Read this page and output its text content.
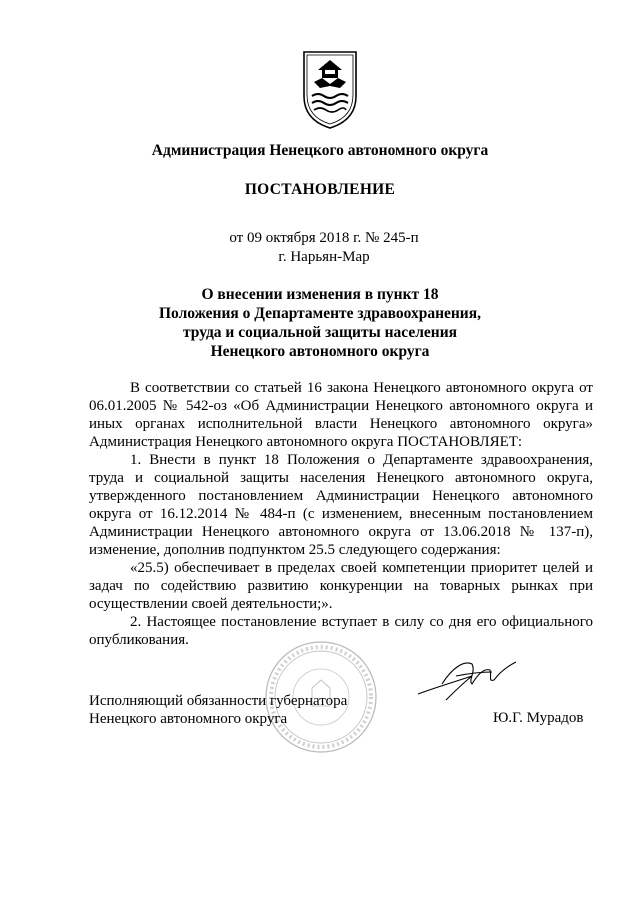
Администрация Ненецкого автономного округа
ПОСТАНОВЛЕНИЕ
от 09 октября 2018 г. № 245-п
г. Нарьян-Мар
О внесении изменения в пункт 18
Положения о Департаменте здравоохранения,
труда и социальной защиты населения
Ненецкого автономного округа

В соответствии со статьей 16 закона Ненецкого автономного округа от 06.01.2005 № 542-оз «Об Администрации Ненецкого автономного округа и иных органах исполнительной власти Ненецкого автономного округа» Администрация Ненецкого автономного округа ПОСТАНОВЛЯЕТ:

1. Внести в пункт 18 Положения о Департаменте здравоохранения, труда и социальной защиты населения Ненецкого автономного округа, утвержденного постановлением Администрации Ненецкого автономного округа от 16.12.2014 № 484-п (с изменением, внесенным постановлением Администрации Ненецкого автономного округа от 13.06.2018 № 137-п), изменение, дополнив подпунктом 25.5 следующего содержания:

«25.5) обеспечивает в пределах своей компетенции приоритет целей и задач по содействию развитию конкуренции на товарных рынках при осуществлении своей деятельности;».

2. Настоящее постановление вступает в силу со дня его официального опубликования.

Исполняющий обязанности губернатора
Ненецкого автономного округа	Ю.Г. Мурадов
